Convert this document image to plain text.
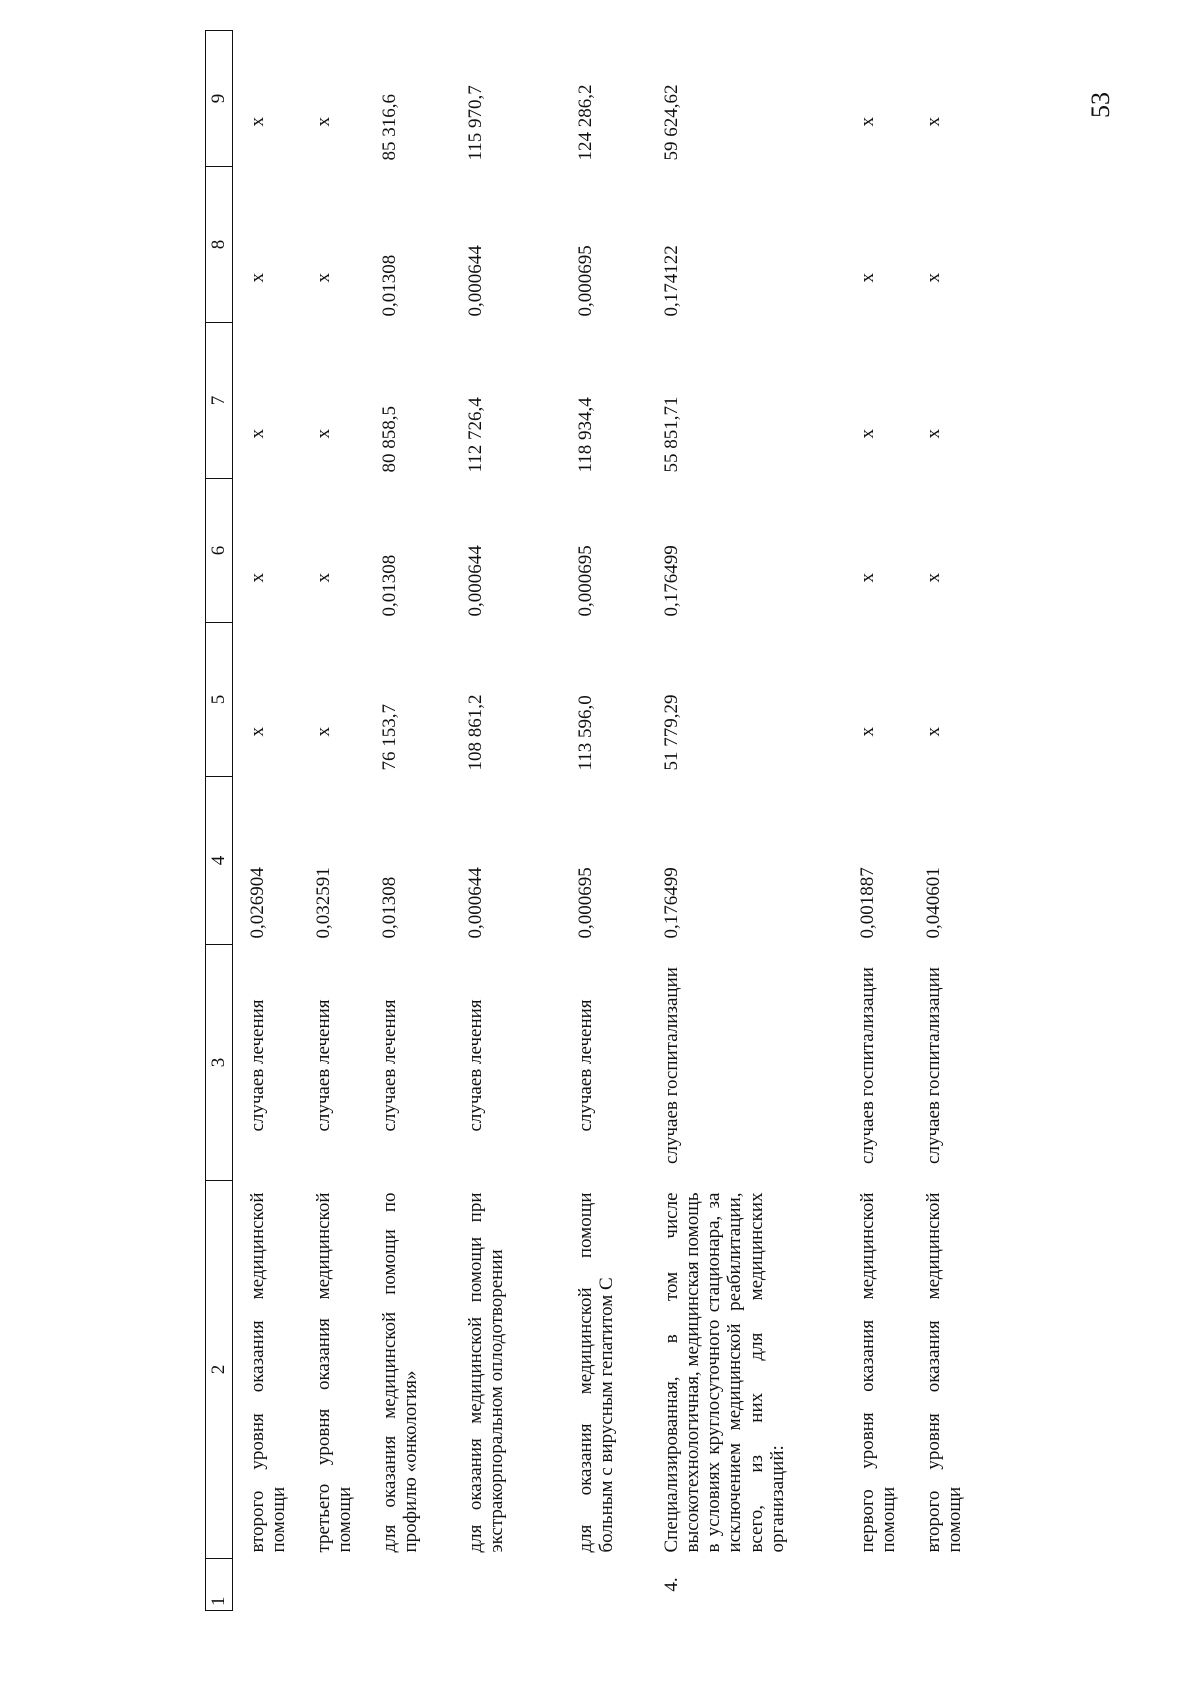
53
1	2	3	4	5	6	7	8	9
	второго уровня оказания медицинской помощи	случаев лечения	0,026904	х	х	х	х	х
	третьего уровня оказания медицинской помощи	случаев лечения	0,032591	х	х	х	х	х
	для оказания медицинской помощи по профилю «онкология»	случаев лечения	0,01308	76 153,7	0,01308	80 858,5	0,01308	85 316,6
	для оказания медицинской помощи при экстракорпоральном оплодотворении	случаев лечения	0,000644	108 861,2	0,000644	112 726,4	0,000644	115 970,7
	для оказания медицинской помощи больным с вирусным гепатитом С	случаев лечения	0,000695	113 596,0	0,000695	118 934,4	0,000695	124 286,2
4.	Специализированная, в том числе высокотехнологичная, медицинская помощь в условиях круглосуточного стационара, за исключением медицинской реабилитации, всего, из них для медицинских организаций:	случаев госпитализации	0,176499	51 779,29	0,176499	55 851,71	0,174122	59 624,62
	первого уровня оказания медицинской помощи	случаев госпитализации	0,001887	х	х	х	х	х
	второго уровня оказания медицинской помощи	случаев госпитализации	0,040601	х	х	х	х	х
